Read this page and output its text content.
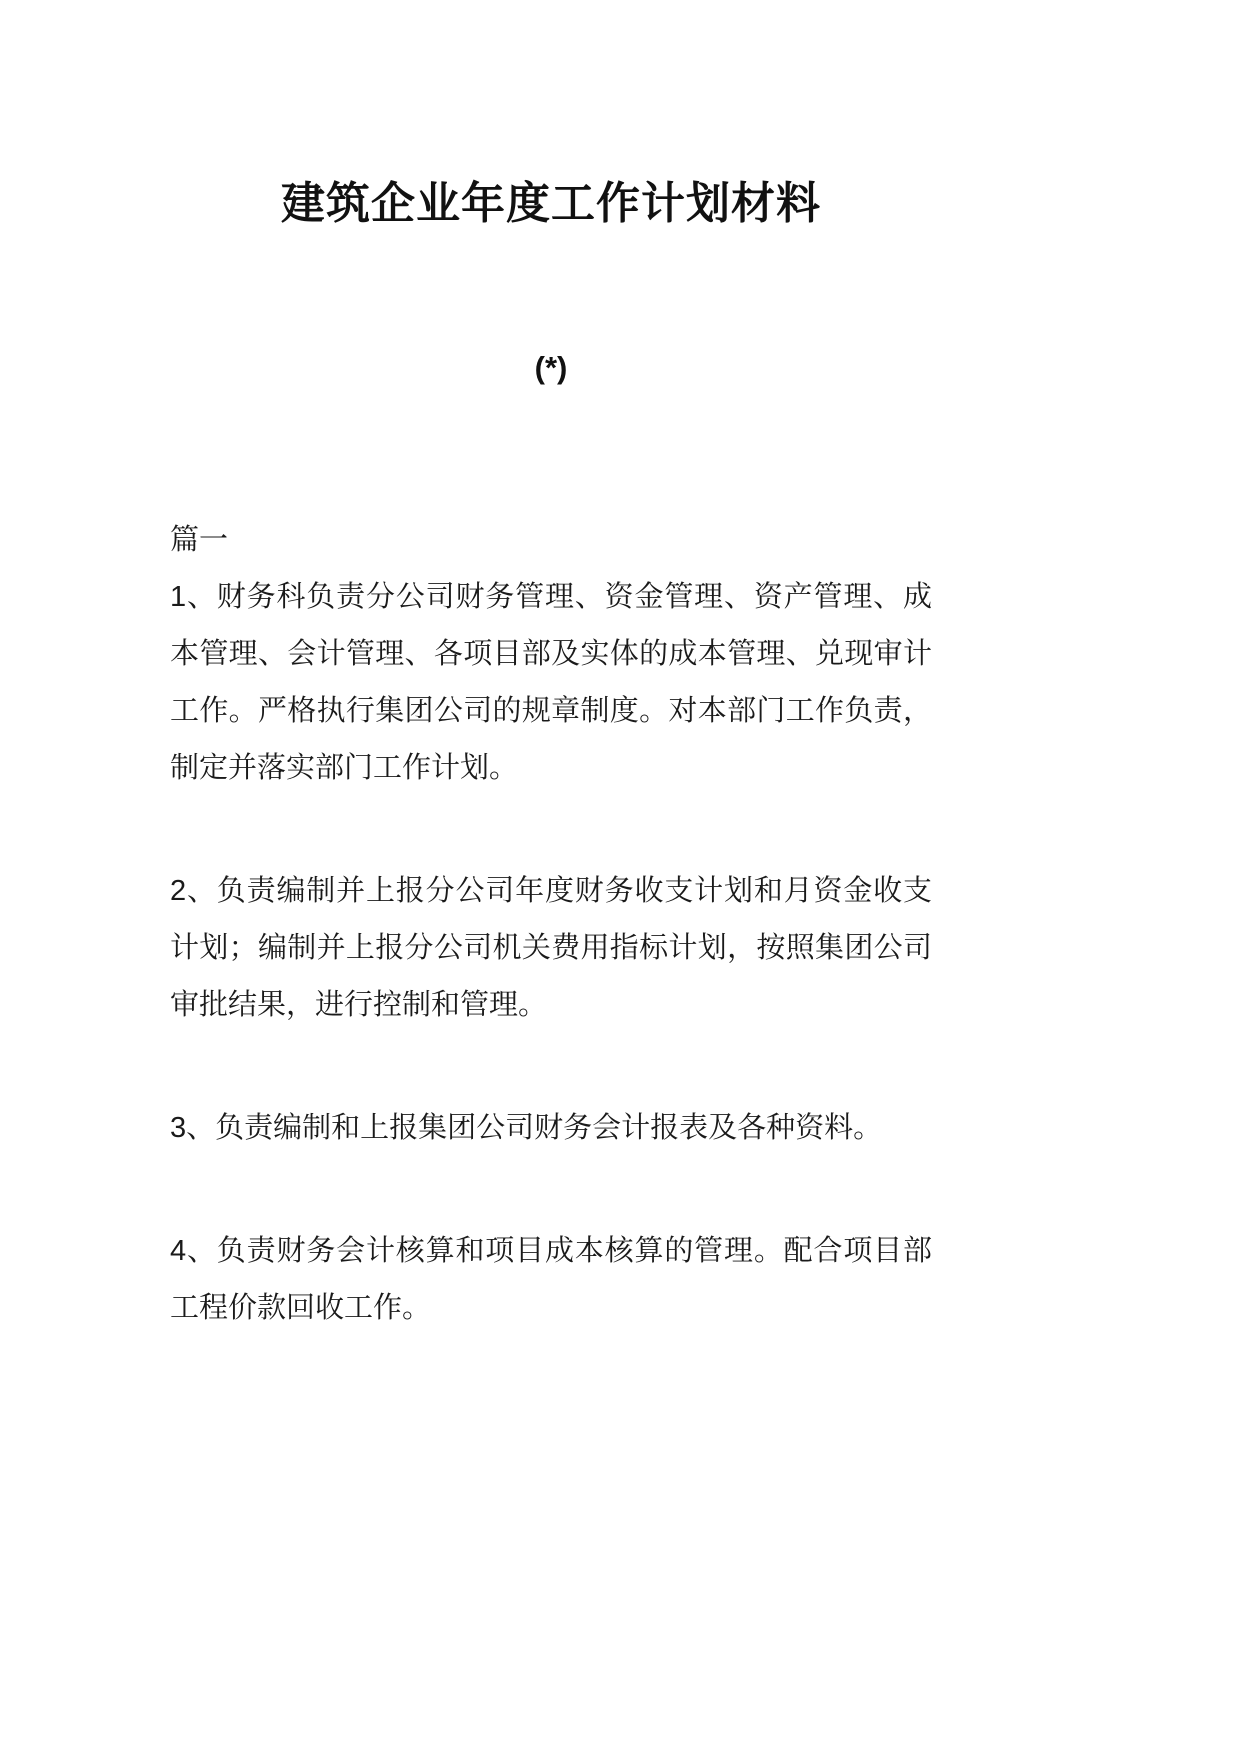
建筑企业年度工作计划材料
(*)
篇一

1、财务科负责分公司财务管理、资金管理、资产管理、成本管理、会计管理、各项目部及实体的成本管理、兑现审计工作。严格执行集团公司的规章制度。对本部门工作负责，制定并落实部门工作计划。

2、负责编制并上报分公司年度财务收支计划和月资金收支计划；编制并上报分公司机关费用指标计划，按照集团公司审批结果，进行控制和管理。

3、负责编制和上报集团公司财务会计报表及各种资料。

4、负责财务会计核算和项目成本核算的管理。配合项目部工程价款回收工作。
